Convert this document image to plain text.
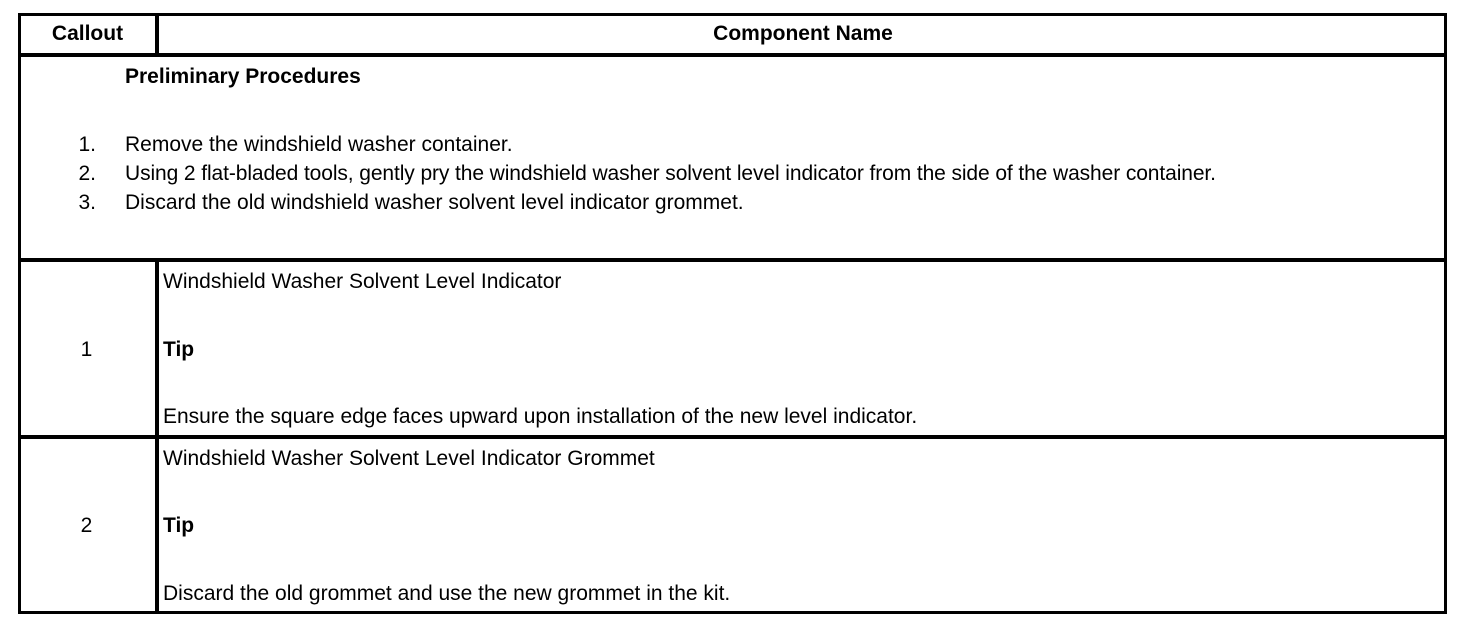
Callout	Component Name
Preliminary Procedures
1. Remove the windshield washer container.
2. Using 2 flat-bladed tools, gently pry the windshield washer solvent level indicator from the side of the washer container.
3. Discard the old windshield washer solvent level indicator grommet.
1
Windshield Washer Solvent Level Indicator
Tip
Ensure the square edge faces upward upon installation of the new level indicator.
2
Windshield Washer Solvent Level Indicator Grommet
Tip
Discard the old grommet and use the new grommet in the kit.
